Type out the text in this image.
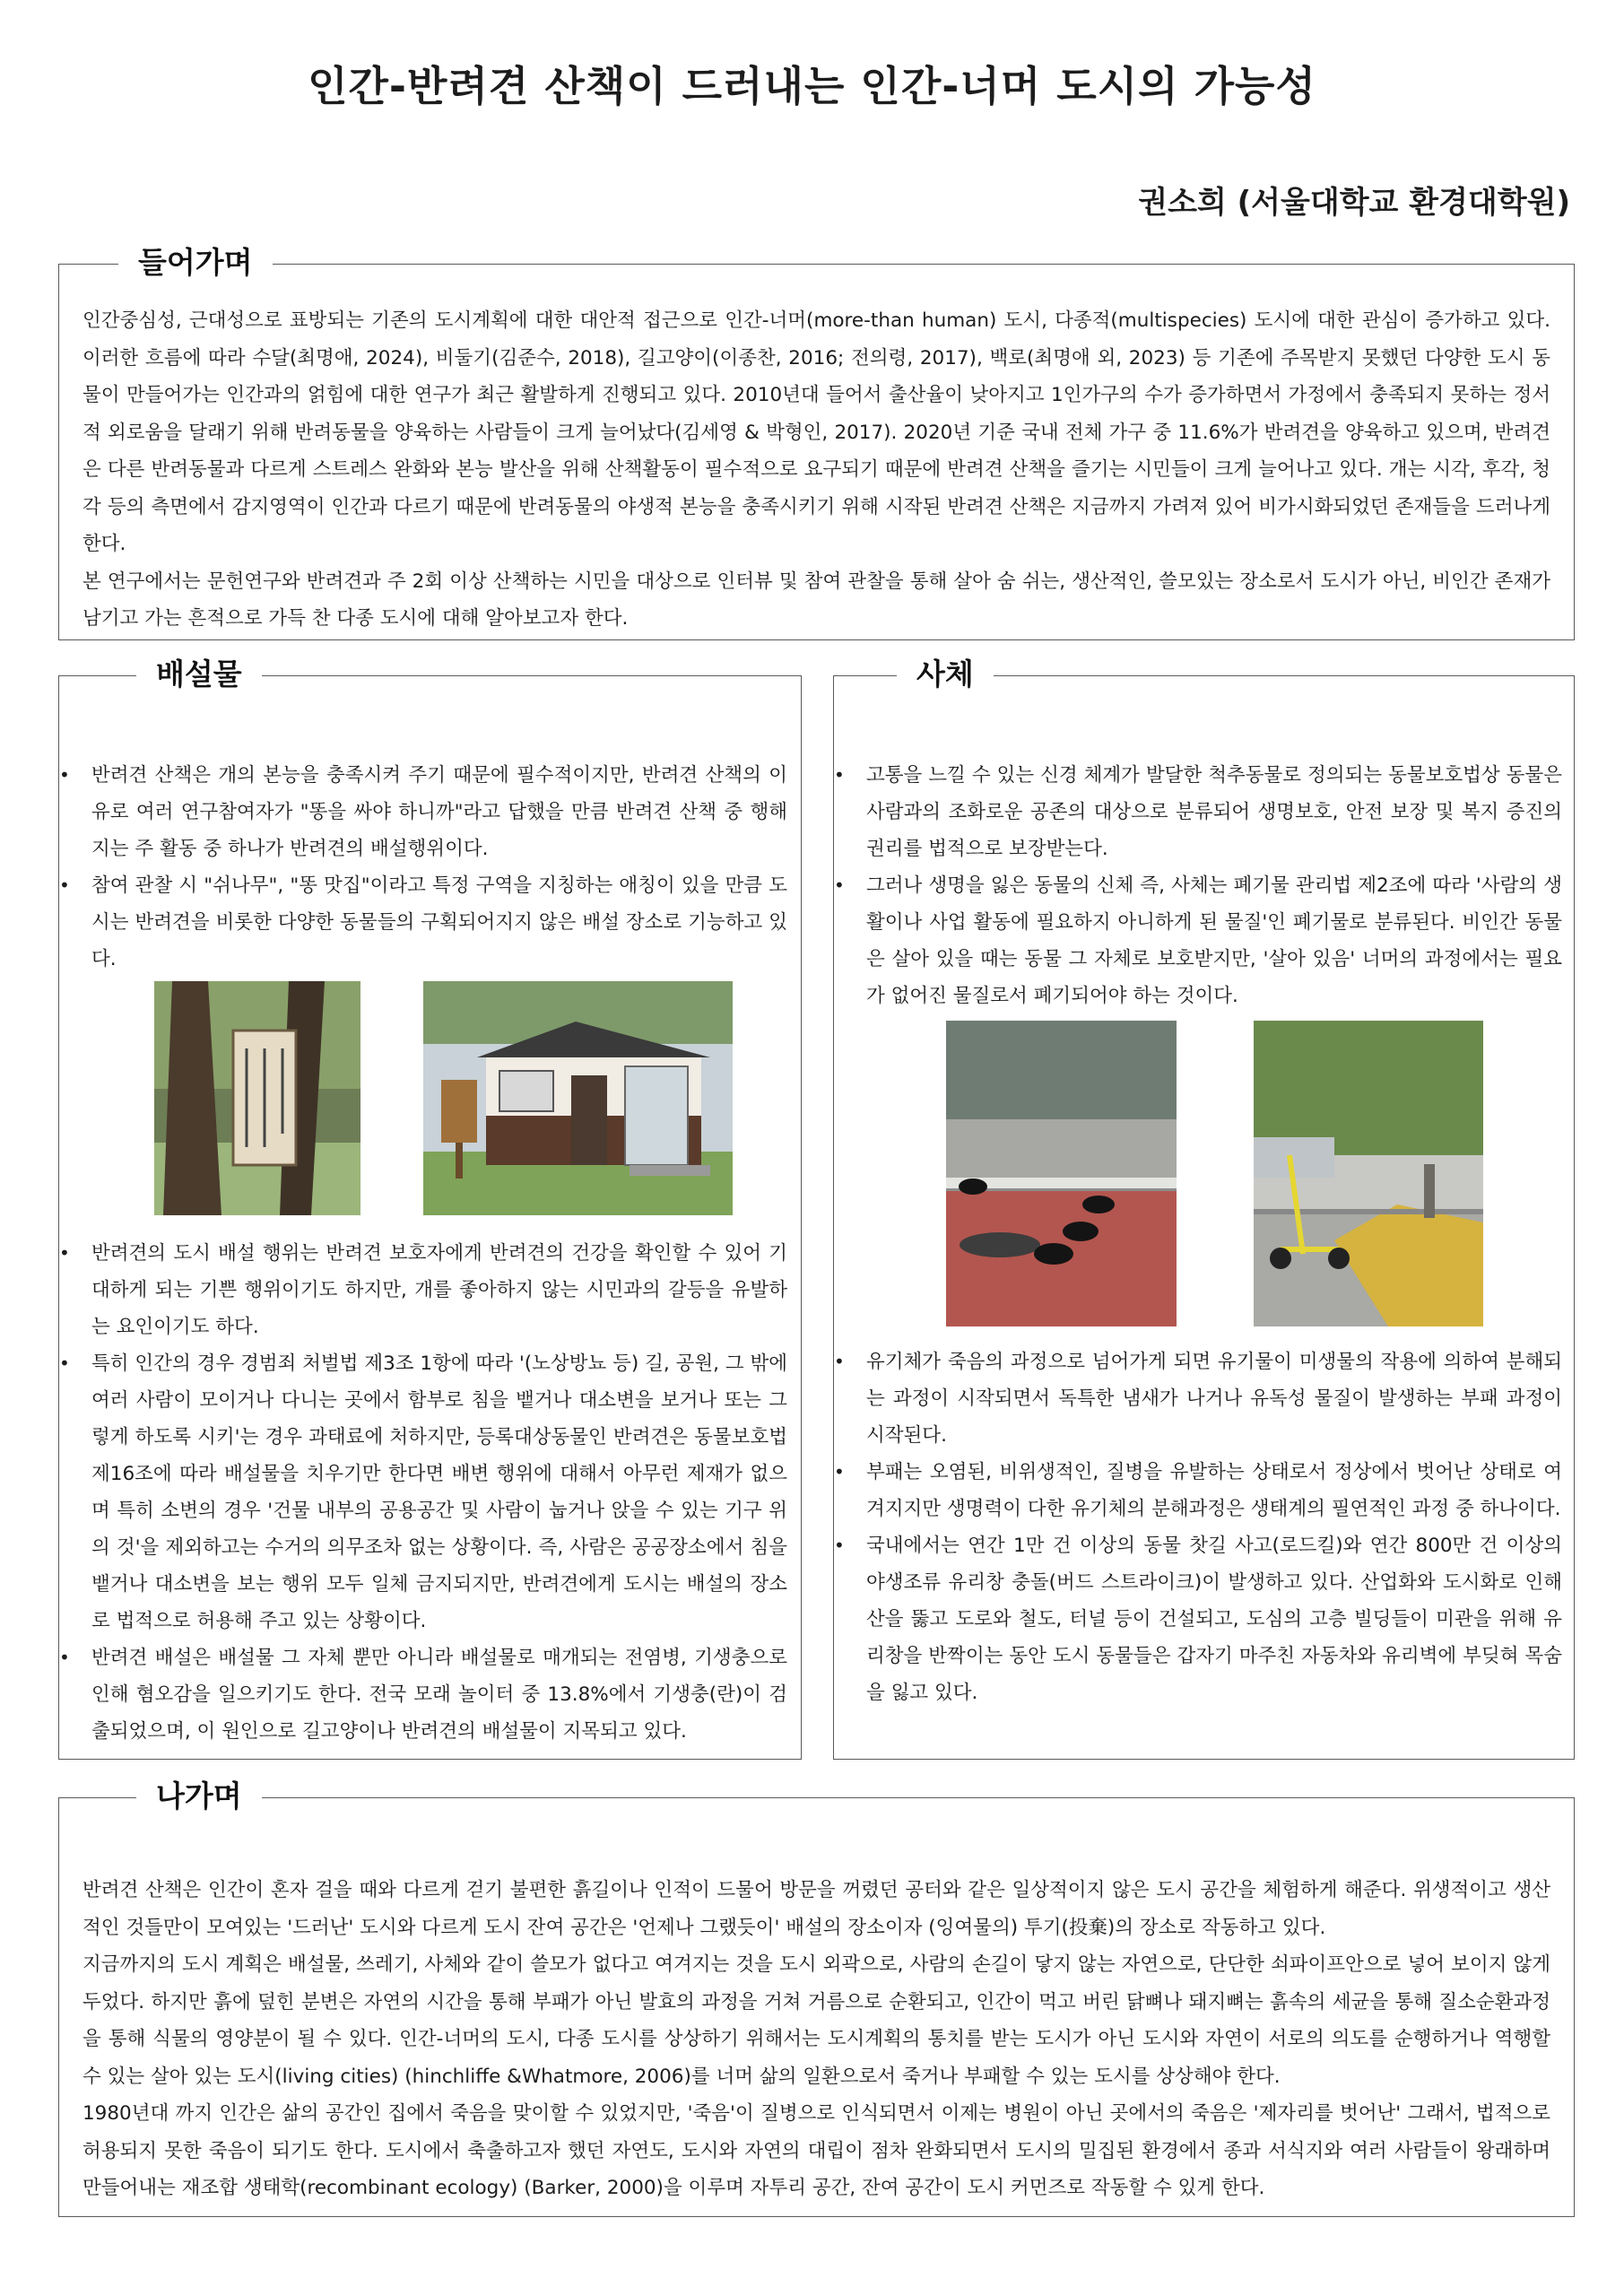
인간-반려견 산책이 드러내는 인간-너머 도시의 가능성
권소희 (서울대학교 환경대학원)
들어가며

인간중심성, 근대성으로 표방되는 기존의 도시계획에 대한 대안적 접근으로 인간-너머(more-than human) 도시, 다종적(multispecies) 도시에 대한 관심이 증가하고 있다. 이러한 흐름에 따라 수달(최명애, 2024), 비둘기(김준수, 2018), 길고양이(이종찬, 2016; 전의령, 2017), 백로(최명애 외, 2023) 등 기존에 주목받지 못했던 다양한 도시 동물이 만들어가는 인간과의 얽힘에 대한 연구가 최근 활발하게 진행되고 있다. 2010년대 들어서 출산율이 낮아지고 1인가구의 수가 증가하면서 가정에서 충족되지 못하는 정서적 외로움을 달래기 위해 반려동물을 양육하는 사람들이 크게 늘어났다(김세영 & 박형인, 2017). 2020년 기준 국내 전체 가구 중 11.6%가 반려견을 양육하고 있으며, 반려견은 다른 반려동물과 다르게 스트레스 완화와 본능 발산을 위해 산책활동이 필수적으로 요구되기 때문에 반려견 산책을 즐기는 시민들이 크게 늘어나고 있다. 개는 시각, 후각, 청각 등의 측면에서 감지영역이 인간과 다르기 때문에 반려동물의 야생적 본능을 충족시키기 위해 시작된 반려견 산책은 지금까지 가려져 있어 비가시화되었던 존재들을 드러나게 한다.

본 연구에서는 문헌연구와 반려견과 주 2회 이상 산책하는 시민을 대상으로 인터뷰 및 참여 관찰을 통해 살아 숨 쉬는, 생산적인, 쓸모있는 장소로서 도시가 아닌, 비인간 존재가 남기고 가는 흔적으로 가득 찬 다종 도시에 대해 알아보고자 한다.

배설물
• 반려견 산책은 개의 본능을 충족시켜 주기 때문에 필수적이지만, 반려견 산책의 이유로 여러 연구참여자가 "똥을 싸야 하니까"라고 답했을 만큼 반려견 산책 중 행해지는 주 활동 중 하나가 반려견의 배설행위이다.
• 참여 관찰 시 "쉬나무", "똥 맛집"이라고 특정 구역을 지칭하는 애칭이 있을 만큼 도시는 반려견을 비롯한 다양한 동물들의 구획되어지지 않은 배설 장소로 기능하고 있다.
• 반려견의 도시 배설 행위는 반려견 보호자에게 반려견의 건강을 확인할 수 있어 기대하게 되는 기쁜 행위이기도 하지만, 개를 좋아하지 않는 시민과의 갈등을 유발하는 요인이기도 하다.
• 특히 인간의 경우 경범죄 처벌법 제3조 1항에 따라 '(노상방뇨 등) 길, 공원, 그 밖에 여러 사람이 모이거나 다니는 곳에서 함부로 침을 뱉거나 대소변을 보거나 또는 그렇게 하도록 시키'는 경우 과태료에 처하지만, 등록대상동물인 반려견은 동물보호법 제16조에 따라 배설물을 치우기만 한다면 배변 행위에 대해서 아무런 제재가 없으며 특히 소변의 경우 '건물 내부의 공용공간 및 사람이 눕거나 앉을 수 있는 기구 위의 것'을 제외하고는 수거의 의무조차 없는 상황이다. 즉, 사람은 공공장소에서 침을 뱉거나 대소변을 보는 행위 모두 일체 금지되지만, 반려견에게 도시는 배설의 장소로 법적으로 허용해 주고 있는 상황이다.
• 반려견 배설은 배설물 그 자체 뿐만 아니라 배설물로 매개되는 전염병, 기생충으로 인해 혐오감을 일으키기도 한다. 전국 모래 놀이터 중 13.8%에서 기생충(란)이 검출되었으며, 이 원인으로 길고양이나 반려견의 배설물이 지목되고 있다.
사체
• 고통을 느낄 수 있는 신경 체계가 발달한 척추동물로 정의되는 동물보호법상 동물은 사람과의 조화로운 공존의 대상으로 분류되어 생명보호, 안전 보장 및 복지 증진의 권리를 법적으로 보장받는다.
• 그러나 생명을 잃은 동물의 신체 즉, 사체는 폐기물 관리법 제2조에 따라 '사람의 생활이나 사업 활동에 필요하지 아니하게 된 물질'인 폐기물로 분류된다. 비인간 동물은 살아 있을 때는 동물 그 자체로 보호받지만, '살아 있음' 너머의 과정에서는 필요가 없어진 물질로서 폐기되어야 하는 것이다.
• 유기체가 죽음의 과정으로 넘어가게 되면 유기물이 미생물의 작용에 의하여 분해되는 과정이 시작되면서 독특한 냄새가 나거나 유독성 물질이 발생하는 부패 과정이 시작된다.
• 부패는 오염된, 비위생적인, 질병을 유발하는 상태로서 정상에서 벗어난 상태로 여겨지지만 생명력이 다한 유기체의 분해과정은 생태계의 필연적인 과정 중 하나이다.
• 국내에서는 연간 1만 건 이상의 동물 찻길 사고(로드킬)와 연간 800만 건 이상의 야생조류 유리창 충돌(버드 스트라이크)이 발생하고 있다. 산업화와 도시화로 인해 산을 뚫고 도로와 철도, 터널 등이 건설되고, 도심의 고층 빌딩들이 미관을 위해 유리창을 반짝이는 동안 도시 동물들은 갑자기 마주친 자동차와 유리벽에 부딪혀 목숨을 잃고 있다.
나가며

반려견 산책은 인간이 혼자 걸을 때와 다르게 걷기 불편한 흙길이나 인적이 드물어 방문을 꺼렸던 공터와 같은 일상적이지 않은 도시 공간을 체험하게 해준다. 위생적이고 생산적인 것들만이 모여있는 '드러난' 도시와 다르게 도시 잔여 공간은 '언제나 그랬듯이' 배설의 장소이자 (잉여물의) 투기(投棄)의 장소로 작동하고 있다.

지금까지의 도시 계획은 배설물, 쓰레기, 사체와 같이 쓸모가 없다고 여겨지는 것을 도시 외곽으로, 사람의 손길이 닿지 않는 자연으로, 단단한 쇠파이프안으로 넣어 보이지 않게 두었다. 하지만 흙에 덮힌 분변은 자연의 시간을 통해 부패가 아닌 발효의 과정을 거쳐 거름으로 순환되고, 인간이 먹고 버린 닭뼈나 돼지뼈는 흙속의 세균을 통해 질소순환과정을 통해 식물의 영양분이 될 수 있다. 인간-너머의 도시, 다종 도시를 상상하기 위해서는 도시계획의 통치를 받는 도시가 아닌 도시와 자연이 서로의 의도를 순행하거나 역행할 수 있는 살아 있는 도시(living cities) (hinchliffe &Whatmore, 2006)를 너머 삶의 일환으로서 죽거나 부패할 수 있는 도시를 상상해야 한다.

1980년대 까지 인간은 삶의 공간인 집에서 죽음을 맞이할 수 있었지만, '죽음'이 질병으로 인식되면서 이제는 병원이 아닌 곳에서의 죽음은 '제자리를 벗어난' 그래서, 법적으로 허용되지 못한 죽음이 되기도 한다. 도시에서 축출하고자 했던 자연도, 도시와 자연의 대립이 점차 완화되면서 도시의 밀집된 환경에서 종과 서식지와 여러 사람들이 왕래하며 만들어내는 재조합 생태학(recombinant ecology) (Barker, 2000)을 이루며 자투리 공간, 잔여 공간이 도시 커먼즈로 작동할 수 있게 한다.
